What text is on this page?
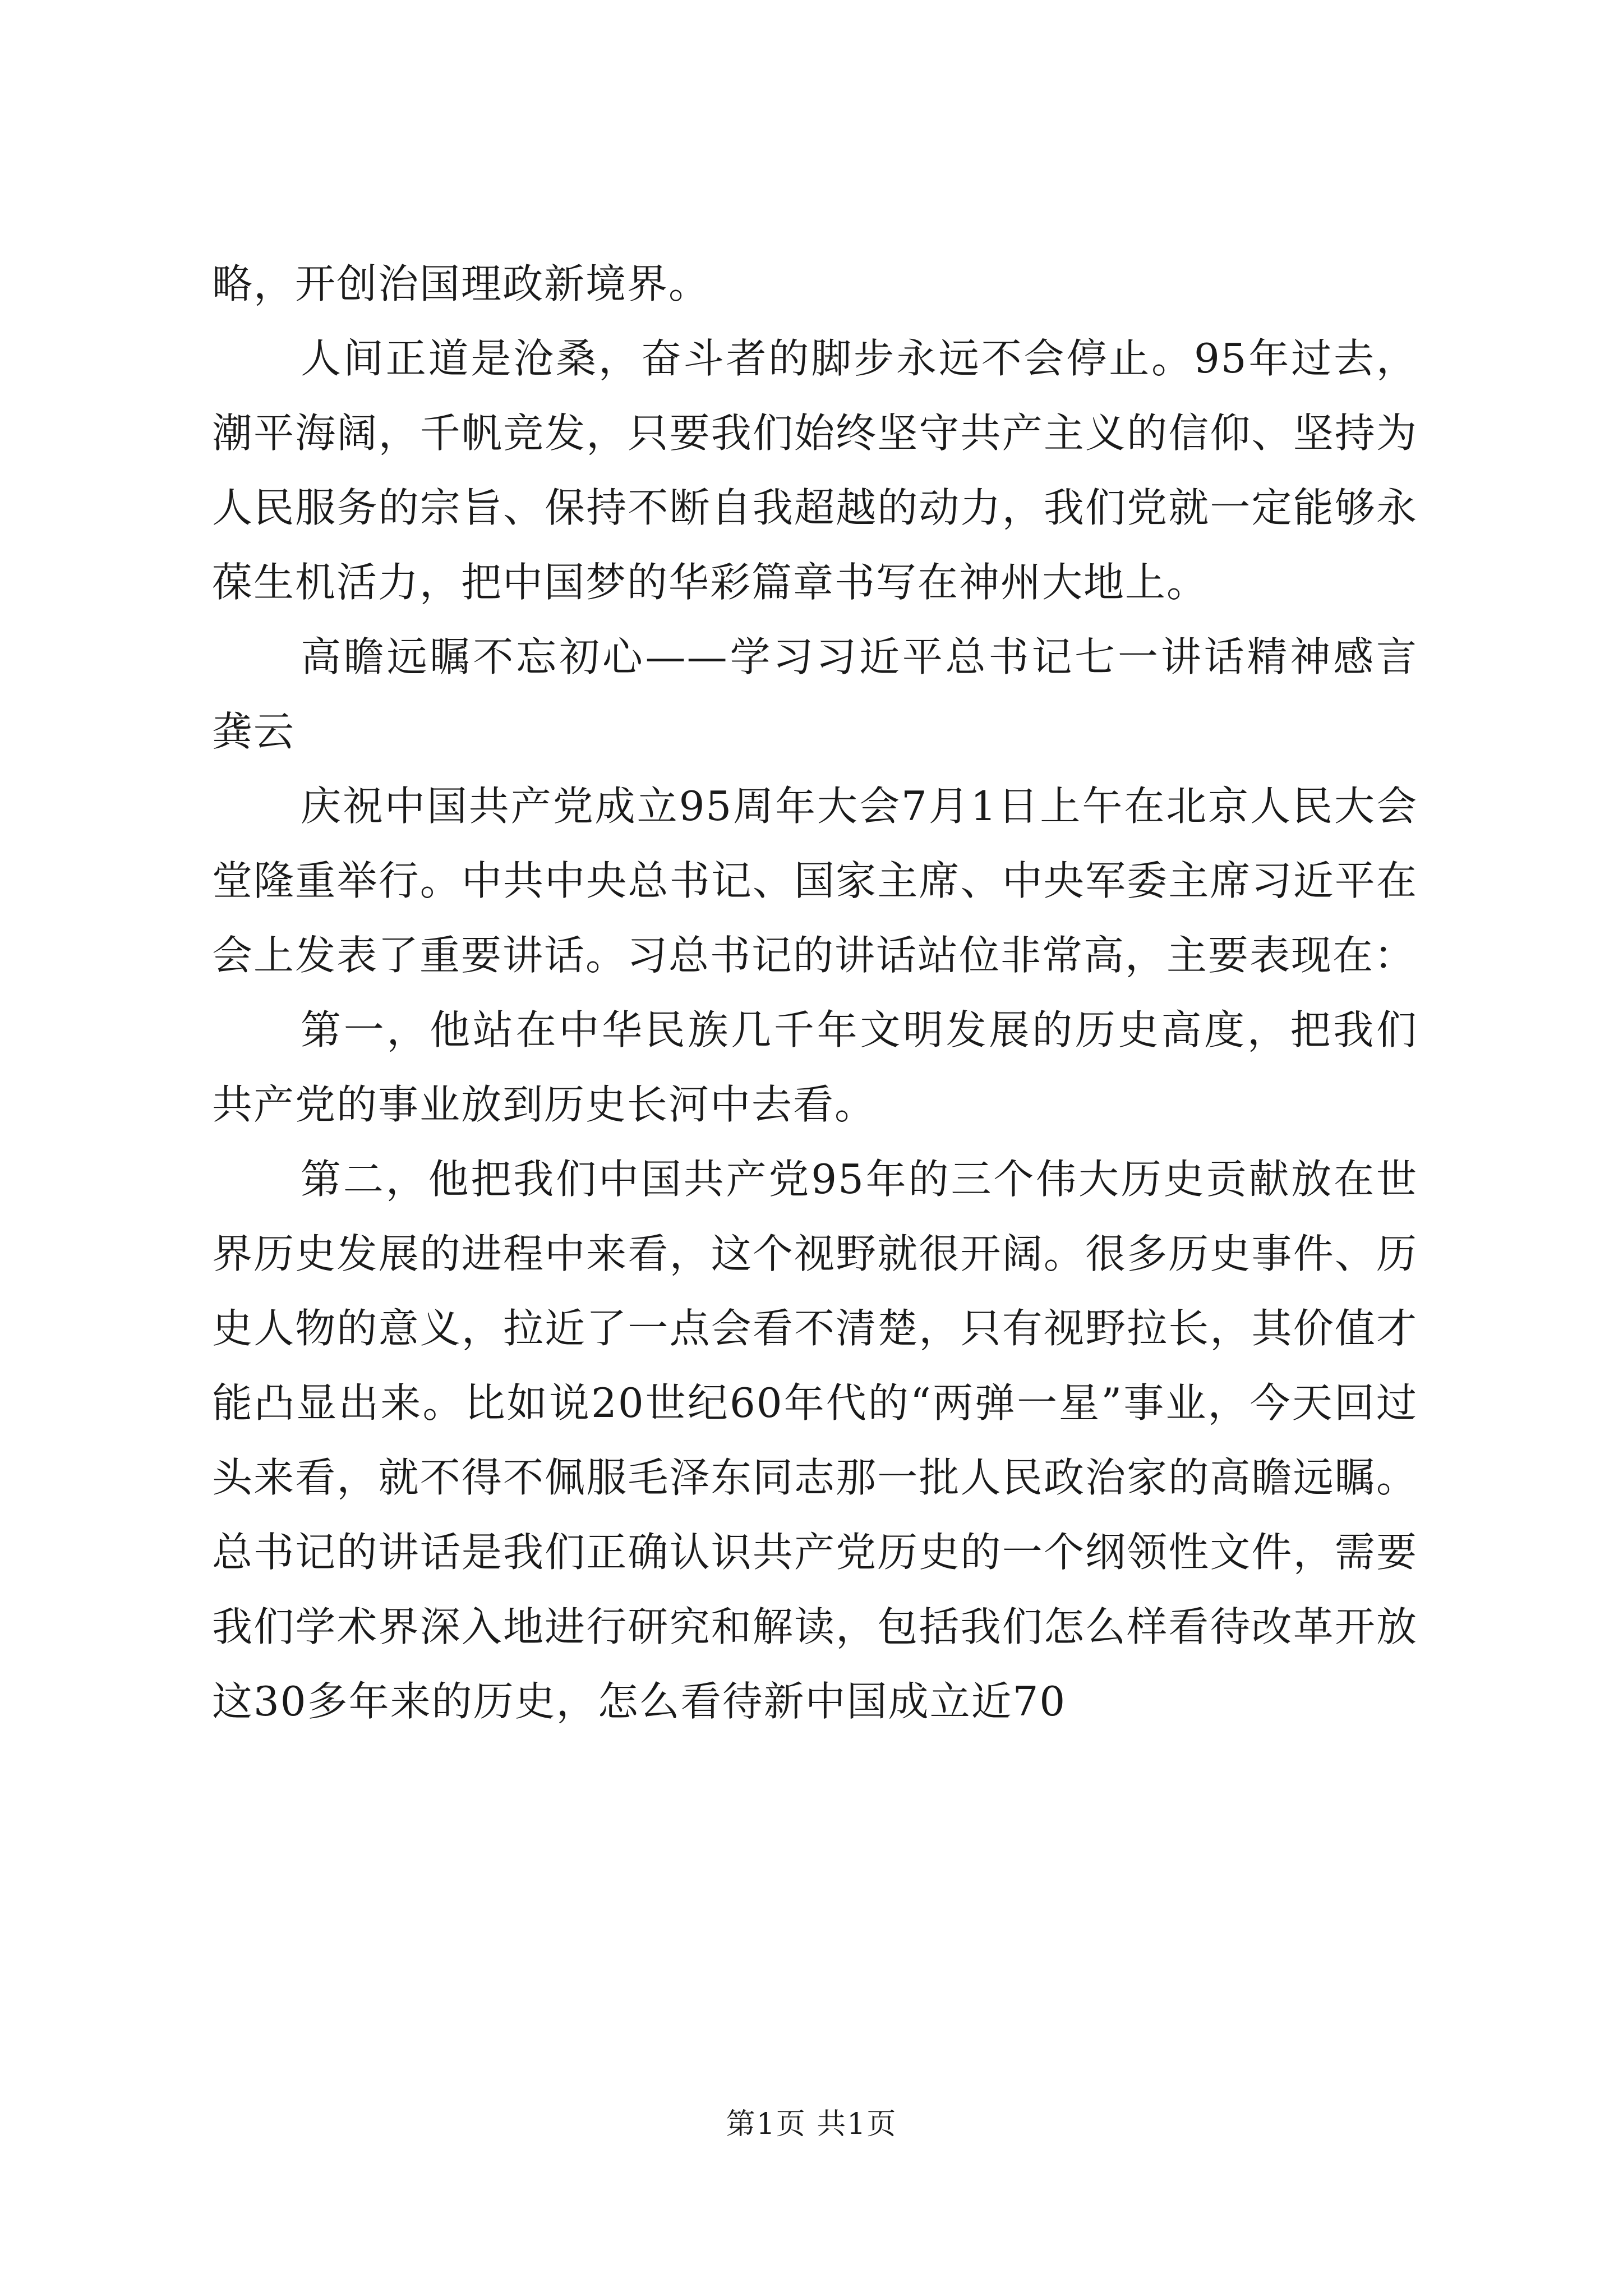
略，开创治国理政新境界。

人间正道是沧桑，奋斗者的脚步永远不会停止。95年过去，潮平海阔，千帆竞发，只要我们始终坚守共产主义的信仰、坚持为人民服务的宗旨、保持不断自我超越的动力，我们党就一定能够永葆生机活力，把中国梦的华彩篇章书写在神州大地上。

高瞻远瞩不忘初心——学习习近平总书记七一讲话精神感言龚云

庆祝中国共产党成立95周年大会7月1日上午在北京人民大会堂隆重举行。中共中央总书记、国家主席、中央军委主席习近平在会上发表了重要讲话。习总书记的讲话站位非常高，主要表现在：

第一，他站在中华民族几千年文明发展的历史高度，把我们共产党的事业放到历史长河中去看。

第二，他把我们中国共产党95年的三个伟大历史贡献放在世界历史发展的进程中来看，这个视野就很开阔。很多历史事件、历史人物的意义，拉近了一点会看不清楚，只有视野拉长，其价值才能凸显出来。比如说20世纪60年代的“两弹一星”事业，今天回过头来看，就不得不佩服毛泽东同志那一批人民政治家的高瞻远瞩。总书记的讲话是我们正确认识共产党历史的一个纲领性文件，需要我们学术界深入地进行研究和解读，包括我们怎么样看待改革开放这30多年来的历史，怎么看待新中国成立近70

第1页 共1页
